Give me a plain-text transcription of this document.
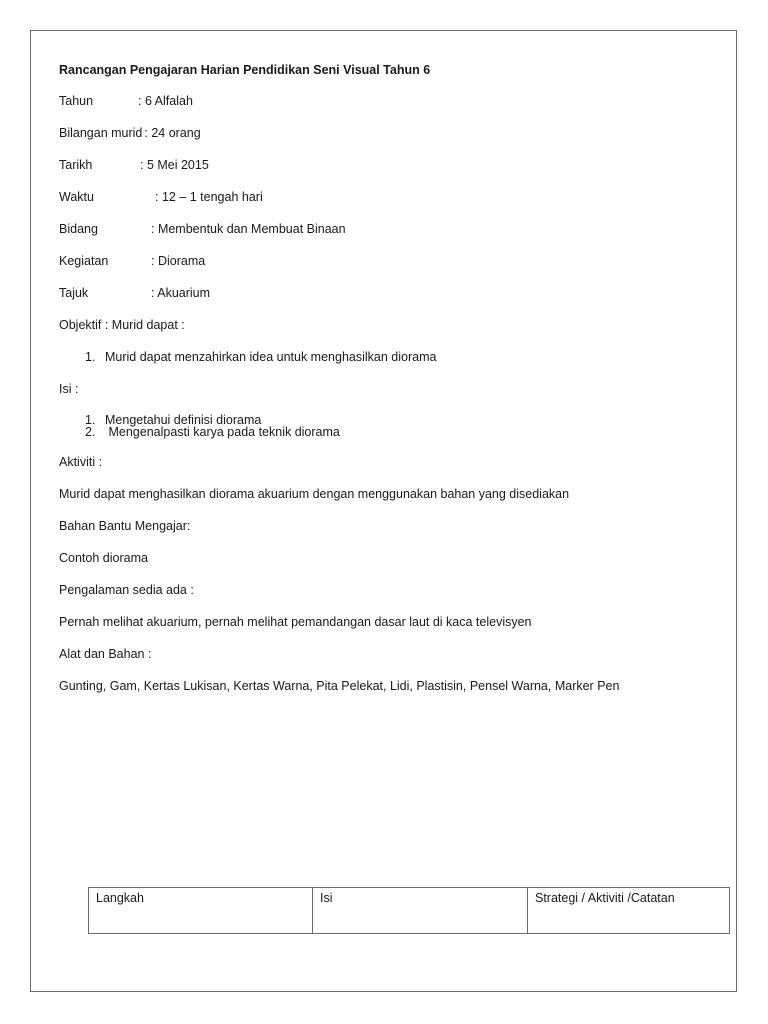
Rancangan Pengajaran Harian Pendidikan Seni Visual Tahun 6
Tahun	: 6 Alfalah
Bilangan murid : 24 orang
Tarikh	: 5 Mei 2015
Waktu	: 12 – 1 tengah hari
Bidang	: Membentuk dan Membuat Binaan
Kegiatan	: Diorama
Tajuk	: Akuarium
Objektif : Murid dapat :
1. Murid dapat menzahirkan idea untuk menghasilkan diorama
Isi :
1. Mengetahui definisi diorama
2. Mengenalpasti karya pada teknik diorama
Aktiviti :
Murid dapat menghasilkan diorama akuarium dengan menggunakan bahan yang disediakan
Bahan Bantu Mengajar:
Contoh diorama
Pengalaman sedia ada :
Pernah melihat akuarium, pernah melihat pemandangan dasar laut di kaca televisyen
Alat dan Bahan :
Gunting, Gam, Kertas Lukisan, Kertas Warna, Pita Pelekat, Lidi, Plastisin, Pensel Warna, Marker Pen
Langkah	Isi	Strategi / Aktiviti /Catatan
